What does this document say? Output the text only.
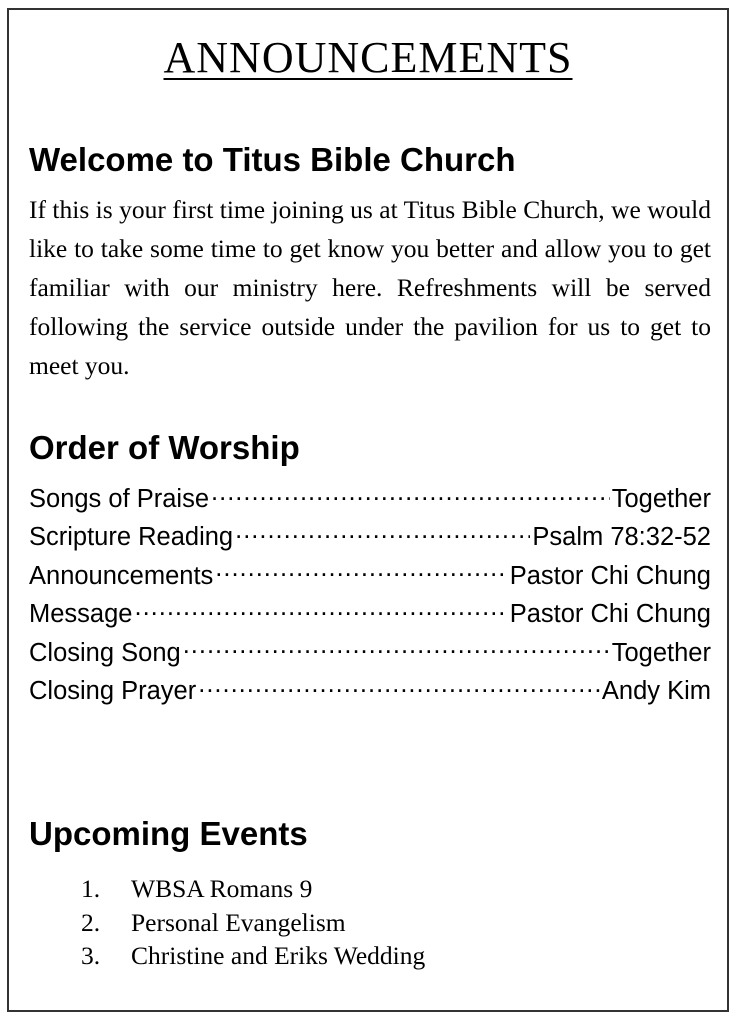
ANNOUNCEMENTS
Welcome to Titus Bible Church
If this is your first time joining us at Titus Bible Church, we would like to take some time to get know you better and allow you to get familiar with our ministry here. Refreshments will be served following the service outside under the pavilion for us to get to meet you.
Order of Worship
Songs of Praise .....	Together
Scripture Reading .....	Psalm 78:32-52
Announcements .....	Pastor Chi Chung
Message .....	Pastor Chi Chung
Closing Song .....	Together
Closing Prayer .....	Andy Kim
Upcoming Events
1.	WBSA Romans 9
2.	Personal Evangelism
3.	Christine and Eriks Wedding
